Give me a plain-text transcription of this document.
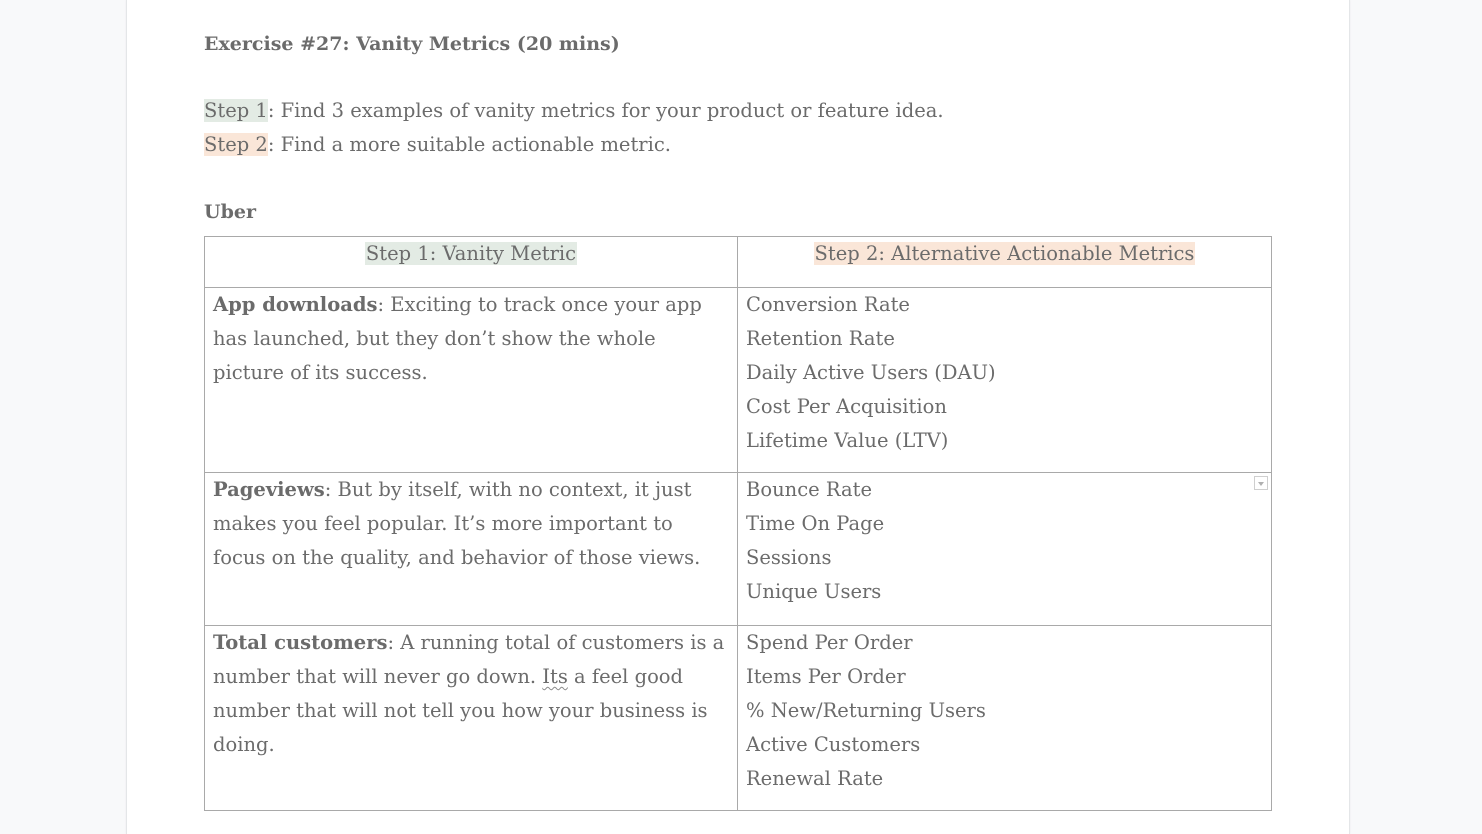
Exercise #27: Vanity Metrics (20 mins)
Step 1: Find 3 examples of vanity metrics for your product or feature idea.
Step 2: Find a more suitable actionable metric.
Uber
Step 1: Vanity Metric	Step 2: Alternative Actionable Metrics
App downloads: Exciting to track once your app has launched, but they don’t show the whole picture of its success.	Conversion Rate
Retention Rate
Daily Active Users (DAU)
Cost Per Acquisition
Lifetime Value (LTV)

Pageviews: But by itself, with no context, it just makes you feel popular. It’s more important to focus on the quality, and behavior of those views.	Bounce Rate
Time On Page
Sessions
Unique Users

Total customers: A running total of customers is a number that will never go down. Its a feel good number that will not tell you how your business is doing.	Spend Per Order
Items Per Order
% New/Returning Users
Active Customers
Renewal Rate
